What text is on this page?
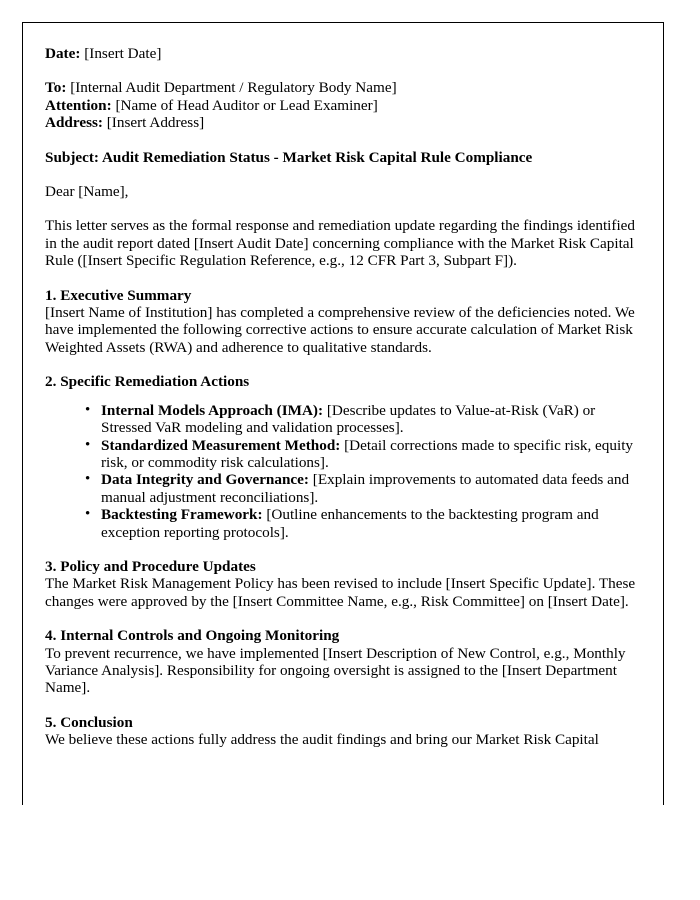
Date: [Insert Date]

To: [Internal Audit Department / Regulatory Body Name]

Attention: [Name of Head Auditor or Lead Examiner]

Address: [Insert Address]

Subject: Audit Remediation Status - Market Risk Capital Rule Compliance

Dear [Name],

This letter serves as the formal response and remediation update regarding the findings identified in the audit report dated [Insert Audit Date] concerning compliance with the Market Risk Capital Rule ([Insert Specific Regulation Reference, e.g., 12 CFR Part 3, Subpart F]).

1. Executive Summary

[Insert Name of Institution] has completed a comprehensive review of the deficiencies noted. We have implemented the following corrective actions to ensure accurate calculation of Market Risk Weighted Assets (RWA) and adherence to qualitative standards.

2. Specific Remediation Actions

• Internal Models Approach (IMA): [Describe updates to Value-at-Risk (VaR) or Stressed VaR modeling and validation processes].
• Standardized Measurement Method: [Detail corrections made to specific risk, equity risk, or commodity risk calculations].
• Data Integrity and Governance: [Explain improvements to automated data feeds and manual adjustment reconciliations].
• Backtesting Framework: [Outline enhancements to the backtesting program and exception reporting protocols].

3. Policy and Procedure Updates

The Market Risk Management Policy has been revised to include [Insert Specific Update]. These changes were approved by the [Insert Committee Name, e.g., Risk Committee] on [Insert Date].

4. Internal Controls and Ongoing Monitoring

To prevent recurrence, we have implemented [Insert Description of New Control, e.g., Monthly Variance Analysis]. Responsibility for ongoing oversight is assigned to the [Insert Department Name].

5. Conclusion

We believe these actions fully address the audit findings and bring our Market Risk Capital
